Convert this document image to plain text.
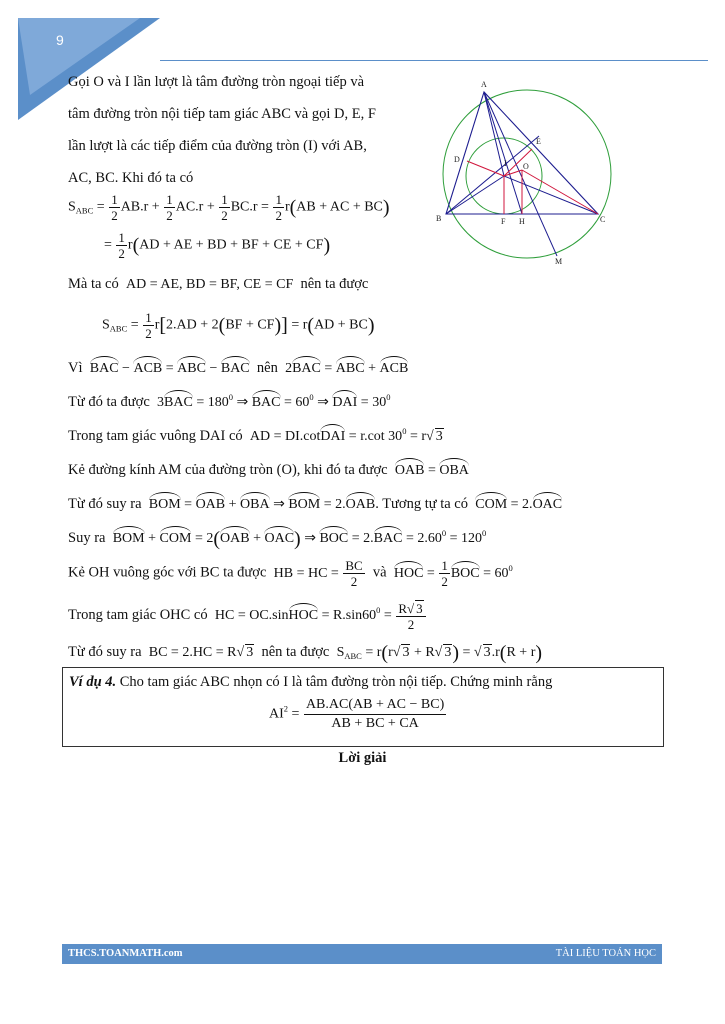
9
Gọi O và I lần lượt là tâm đường tròn ngoại tiếp và
tâm đường tròn nội tiếp tam giác ABC và gọi D, E, F
lần lượt là các tiếp điểm của đường tròn (I) với AB,
AC, BC. Khi đó ta có
A
B	C
D
E
F H
I O
M
$S_{ABC} = \frac{1}{2} AB.r + \frac{1}{2} AC.r + \frac{1}{2} BC.r = \frac{1}{2} r(AB$ + AC + BC)
= $\frac{1}{2} r(AD$ + AE + BD + BF + CE + CF)
Mà ta có AD = AE, BD = BF, CE = CF nên ta được
$S_{ABC} = \frac{1}{2} r[2.AD + 2(BF + CF)] = r(AD + BC)$
Vì BAC − ACB = ABC − BAC nên 2BAC = ABC + ACB
Từ đó ta được $3BAC = 180^0$ ⇒ BAC = $60^0$ ⇒ DAI = $30^0$
Trong tam giác vuông DAI có AD = DI.cotDAI = r.cot $30^0 = r√$ 3
Kẻ đường kính AM của đường tròn (O), khi đó ta được OAB = OBA
Từ đó suy ra BOM = OAB + OBA ⇒ BOM = 2.OAB. Tương tự ta có COM = 2.OAC
Suy ra BOM + COM = 2(OAB + OAC) ⇒ BOC = $2.BAC = 2.60^0 = 120^0$
Kẻ OH vuông góc với BC ta được HB = HC = $\frac{BC}{2}$ và HOC = $\frac{1}{2}$ BOC = $60^0$
Trong tam giác OHC có HC = OC.sinHOC = $R.\sin 60^0 = \frac{R√ 3}{2}$
Từ đó suy ra BC = 2.HC = R√ 3 nên ta được $S_{ABC} = r(r√$ 3 + R√ 3) = √ 3.r(R + r)
Ví dụ 4. Cho tam giác ABC nhọn có I là tâm đường tròn nội tiếp. Chứng minh rằng
$AI^2 = \frac{AB.AC(AB + AC - BC)}{AB + BC + CA}$
Lời giải
THCS.TOANMATH.com	TÀI LIỆU TOÁN HỌC
